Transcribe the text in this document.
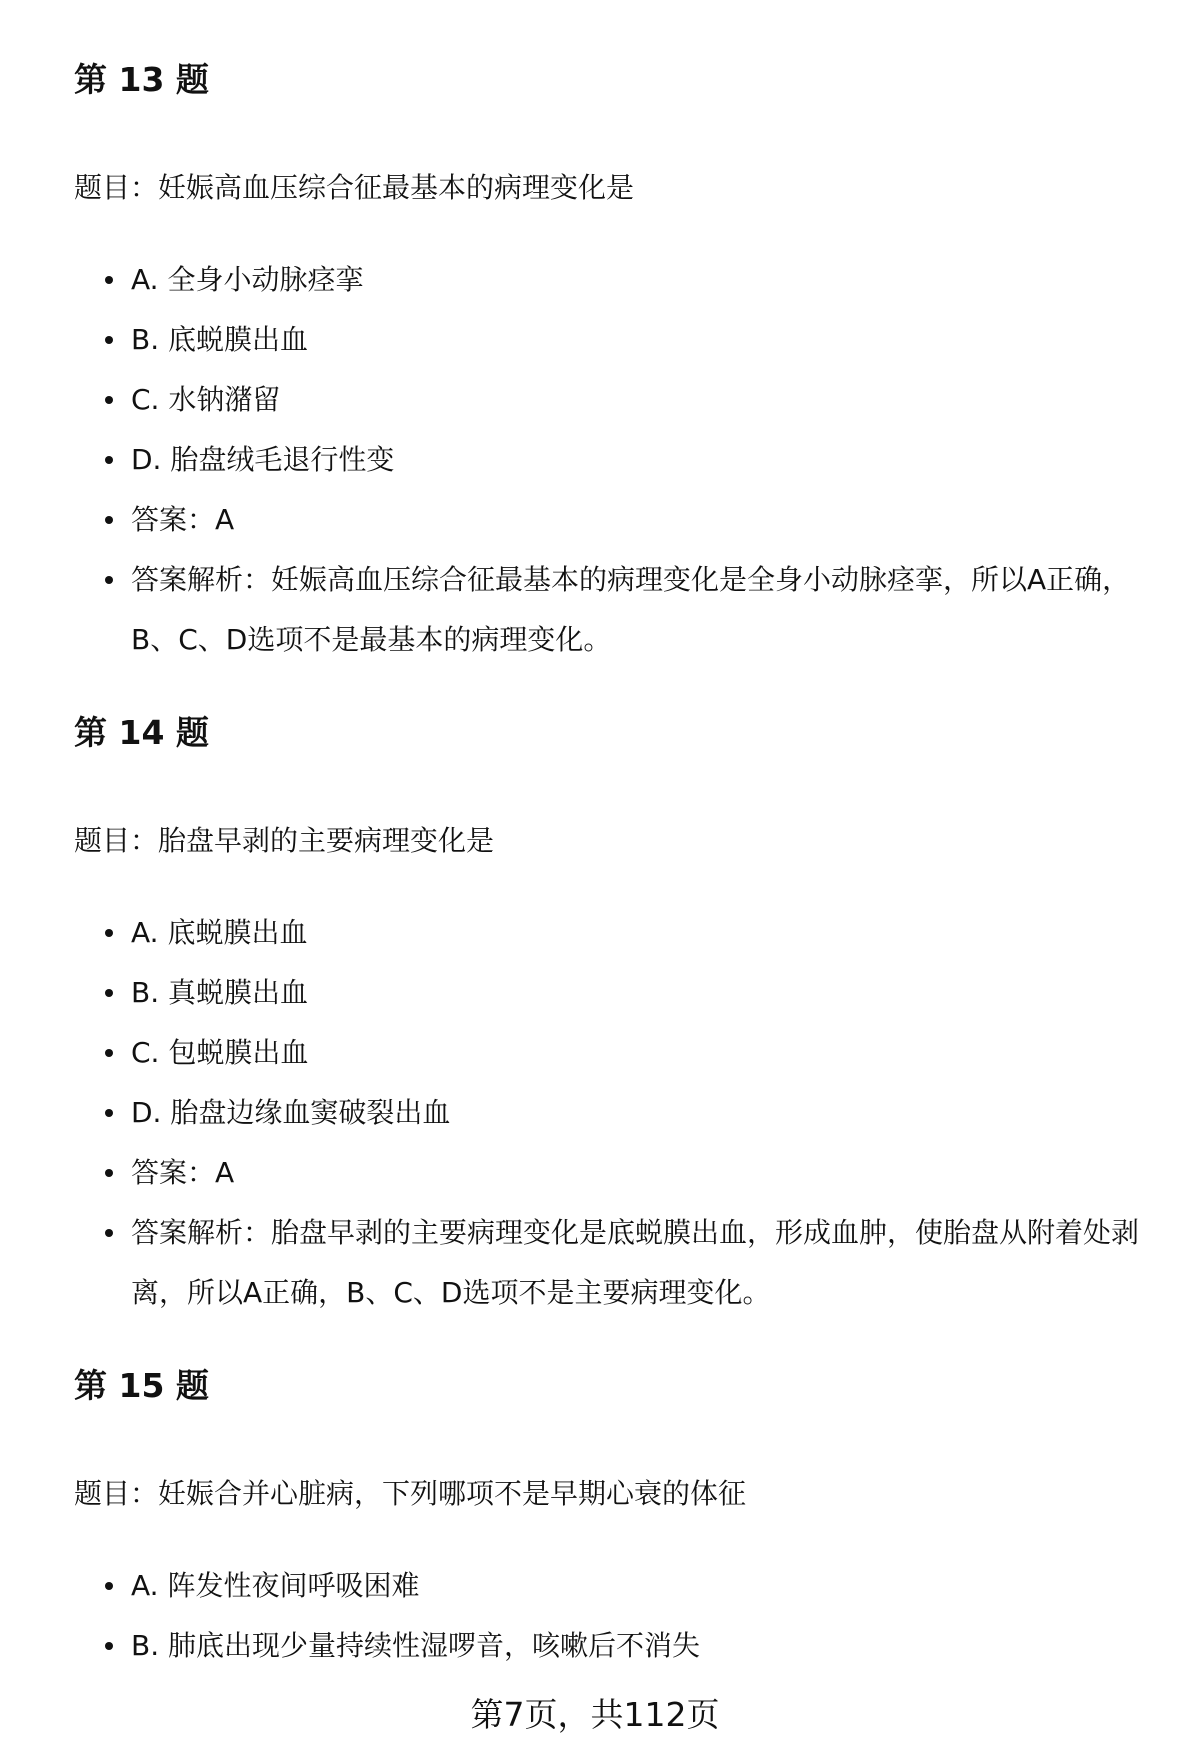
第 13 题

题目：妊娠高血压综合征最基本的病理变化是

A. 全身小动脉痉挛
B. 底蜕膜出血
C. 水钠潴留
D. 胎盘绒毛退行性变
答案：A
答案解析：妊娠高血压综合征最基本的病理变化是全身小动脉痉挛，所以A正确，B、C、D选项不是最基本的病理变化。
第 14 题

题目：胎盘早剥的主要病理变化是

A. 底蜕膜出血
B. 真蜕膜出血
C. 包蜕膜出血
D. 胎盘边缘血窦破裂出血
答案：A
答案解析：胎盘早剥的主要病理变化是底蜕膜出血，形成血肿，使胎盘从附着处剥离，所以A正确，B、C、D选项不是主要病理变化。
第 15 题

题目：妊娠合并心脏病，下列哪项不是早期心衰的体征

A. 阵发性夜间呼吸困难
B. 肺底出现少量持续性湿啰音，咳嗽后不消失

第7页，共112页
